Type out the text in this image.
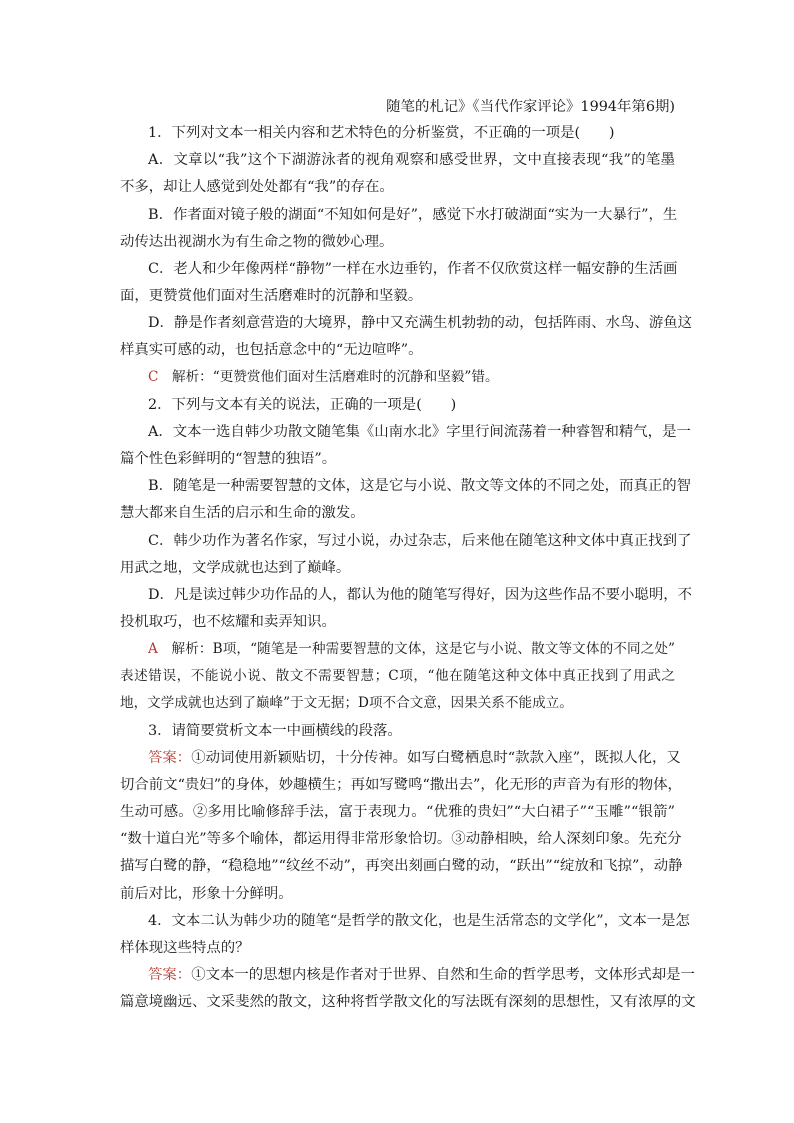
随笔的札记》《当代作家评论》1994年第6期)
1．下列对文本一相关内容和艺术特色的分析鉴赏，不正确的一项是(　　)
A．文章以“我”这个下湖游泳者的视角观察和感受世界，文中直接表现“我”的笔墨
不多，却让人感觉到处处都有“我”的存在。
B．作者面对镜子般的湖面“不知如何是好”，感觉下水打破湖面“实为一大暴行”，生
动传达出视湖水为有生命之物的微妙心理。
C．老人和少年像两样“静物”一样在水边垂钓，作者不仅欣赏这样一幅安静的生活画
面，更赞赏他们面对生活磨难时的沉静和坚毅。
D．静是作者刻意营造的大境界，静中又充满生机勃勃的动，包括阵雨、水鸟、游鱼这
样真实可感的动，也包括意念中的“无边喧哗”。
C  解析：“更赞赏他们面对生活磨难时的沉静和坚毅”错。
2．下列与文本有关的说法，正确的一项是(　　)
A．文本一选自韩少功散文随笔集《山南水北》字里行间流荡着一种睿智和精气，是一
篇个性色彩鲜明的“智慧的独语”。
B．随笔是一种需要智慧的文体，这是它与小说、散文等文体的不同之处，而真正的智
慧大都来自生活的启示和生命的激发。
C．韩少功作为著名作家，写过小说，办过杂志，后来他在随笔这种文体中真正找到了
用武之地，文学成就也达到了巅峰。
D．凡是读过韩少功作品的人，都认为他的随笔写得好，因为这些作品不要小聪明，不
投机取巧，也不炫耀和卖弄知识。
A  解析：B项，“随笔是一种需要智慧的文体，这是它与小说、散文等文体的不同之处”
表述错误，不能说小说、散文不需要智慧；C项，“他在随笔这种文体中真正找到了用武之
地，文学成就也达到了巅峰”于文无据；D项不合文意，因果关系不能成立。
3．请简要赏析文本一中画横线的段落。
答案：①动词使用新颖贴切，十分传神。如写白鹭栖息时“款款入座”，既拟人化，又
切合前文“贵妇”的身体，妙趣横生；再如写鹭鸣“撒出去”，化无形的声音为有形的物体，
生动可感。②多用比喻修辞手法，富于表现力。“优雅的贵妇”“大白裙子”“玉雕”“银箭”
“数十道白光”等多个喻体，都运用得非常形象恰切。③动静相映，给人深刻印象。先充分
描写白鹭的静，“稳稳地”“纹丝不动”，再突出刻画白鹭的动，“跃出”“绽放和飞掠”，动静
前后对比，形象十分鲜明。
4．文本二认为韩少功的随笔“是哲学的散文化，也是生活常态的文学化”，文本一是怎
样体现这些特点的？
答案：①文本一的思想内核是作者对于世界、自然和生命的哲学思考，文体形式却是一
篇意境幽远、文采斐然的散文，这种将哲学散文化的写法既有深刻的思想性，又有浓厚的文
